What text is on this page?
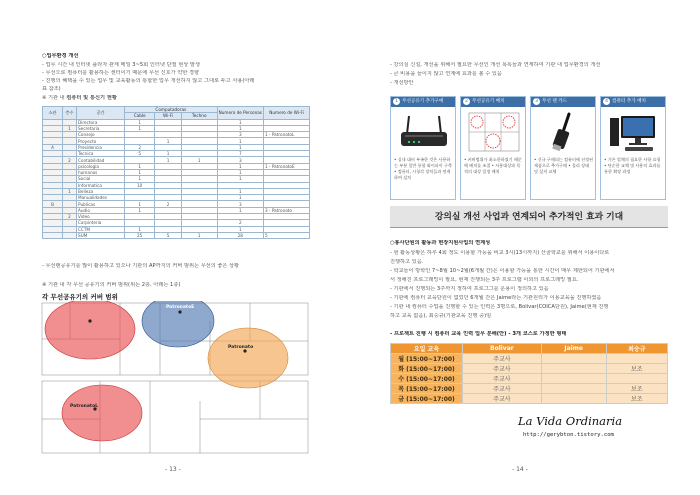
○업무환경 개선
- 업무 시간 내 인터넷 플라자 관계 메일 3~5회 인터넷 단절 현상 발생
- 무선으로 컴퓨터를 활용하는 센터이기 때문에 무선 신호가 약한 경향
- 진행의 혜택을 수 있는 업무 및 교육활동의 통합한 업무 개선하지 않고 그대로 두고 사용(아래
표 참조)
※ 기관 내 컴퓨터 및 통신기 현황
소관	층수	공간	Computadoras			Numero de Personas	Numero de Wi-Fi
			Cable	Wi-Fi	Techno		
		Directora	1			1	
	1	Secretaria	1			1	
		Consejo				3	1 - PatronatoL
		Proyecto		1		1	
A		Presidencia	2			1	
		Tecnica	5	1		7	
	2	Contabilidad		1	1	3	
		psicologia	1			1	1 - PatronatoE
		humanos	1			1	
		Social	1			1	
		Informatica	10				
	1	Belleza				1	
		Manualidades				1	
B		Publicas	1	2		3	
		Audio	1			1	3 - Patronato
	2	Video					
		Carpinteria				2	
		CCTM	1			1	
		SUM	25	5	1	28	5
- 무선랜공유기를 많이 활용하고 있으나 기관의 AP까지의 커버 범위는 무선의 좋은 상황
※ 기관 내 각 무선 공유기의 커버 범위(위는 2층, 아래는 1층)
각 무선공유기의 커버 범위
PatronatoE
Patronato
PatronatoL
- 13 -
- 강의실 신설, 개선을 위해서 필요한 무선인 개선 목록들과 연계하여 기관 내 업무환경의 개선
- 큰 비용을 들이지 않고 연계에 효과를 볼 수 있음
- 개선방안
1 무선공유기 추가구매
• 실내 대비 부족한 것은 사용하는 부분 일반 통합 와이파이 구축 • 컴퓨터, 시청각 장치들과 연계하여 설치
2 무선공유기 배치
• 커버범위가 최소한하였기 때문에 배치를 조절 • 사용대상과 목적의 대상 일정 배치
3 무선 랜 카드
• 신규 구매되는 컴퓨터에 선정된 제품으로 추가구매 • 물리 상태 및 설치 교체
4 컴퓨터 추가 배치
• 기존 업체의 필요한 사항 요청 • 단순한 교체 및 사용의 효과를 통한 확장 과정
강의실 개선 사업과 연계되어 추가적인 효과 기대
○봉사단원의 활동과 현장지원사업의 연계성
- 현 활동상황은 하루 4회 정도 이용할 가능을 비교 3시(13시까지) 산골학교를 위해서 이용이다로
진행하고 있음.
- 학교들이 방학인 7~8월 10~2월(6개월 간)은 이용할 가능을 통한 시간이 매우 제한되어 기관에서
서 정해진 프로그래밍이 필요, 현재 진행되는 3주 프로그램 이외의 프로그래밍 필요.
- 기관에서 진행되는 3주까지 정하여 프로그그를 운용이 정의하고 있음
- 기관에 컴퓨터 교육단원이 없었던 6개월 간은 Jaime라는 기관원리가 이용교육을 진행하였음
- 기관 내 컴퓨터 수업을 진행할 수 있는 인력은 3명으로, Bolivar(COICA단원), Jaime(현재 진행
하고 교육 없음), 최승규(기관교육 진행 중)임
- 프로젝트 진행 시 컴퓨터 교육 인력 업무 분배(안) - 3개 코스로 가정한 형태
요일 교육	Bolivar	Jaime	최승규
월 (15:00~17:00)	주교사		
화 (15:00~17:00)	주교사		보조
수 (15:00~17:00)	주교사		
목 (15:00~17:00)	주교사		보조
금 (15:00~17:00)	주교사		보조
La Vida Ordinaria
http://gerybton.tistory.com
- 14 -
